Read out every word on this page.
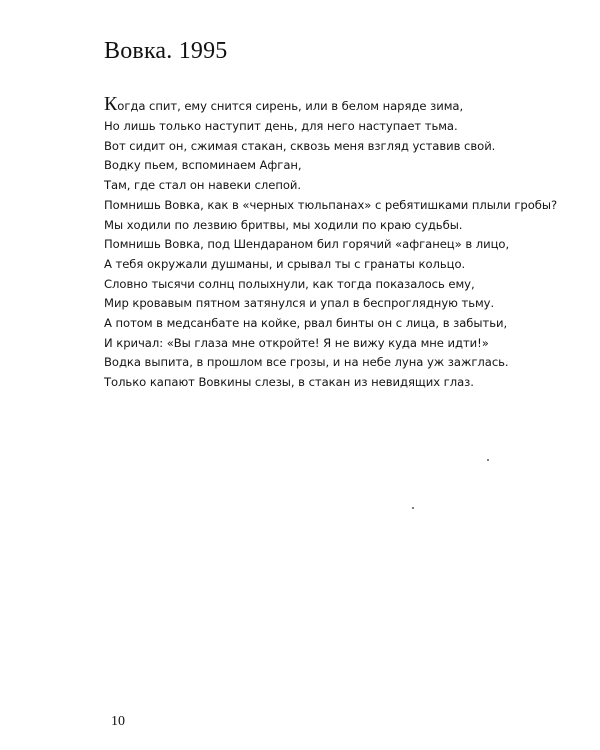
Вовка. 1995
Когда спит, ему снится сирень, или в белом наряде зима,
Но лишь только наступит день, для него наступает тьма.
Вот сидит он, сжимая стакан, сквозь меня взгляд уставив свой.
Водку пьем, вспоминаем Афган,
Там, где стал он навеки слепой.
Помнишь Вовка, как в «черных тюльпанах» с ребятишками плыли гробы?
Мы ходили по лезвию бритвы, мы ходили по краю судьбы.
Помнишь Вовка, под Шендараном бил горячий «афганец» в лицо,
А тебя окружали душманы, и срывал ты с гранаты кольцо.
Словно тысячи солнц полыхнули, как тогда показалось ему,
Мир кровавым пятном затянулся и упал в беспроглядную тьму.
А потом в медсанбате на койке, рвал бинты он с лица, в забытьи,
И кричал: «Вы глаза мне откройте! Я не вижу куда мне идти!»
Водка выпита, в прошлом все грозы, и на небе луна уж зажглась.
Только капают Вовкины слезы, в стакан из невидящих глаз.
10
